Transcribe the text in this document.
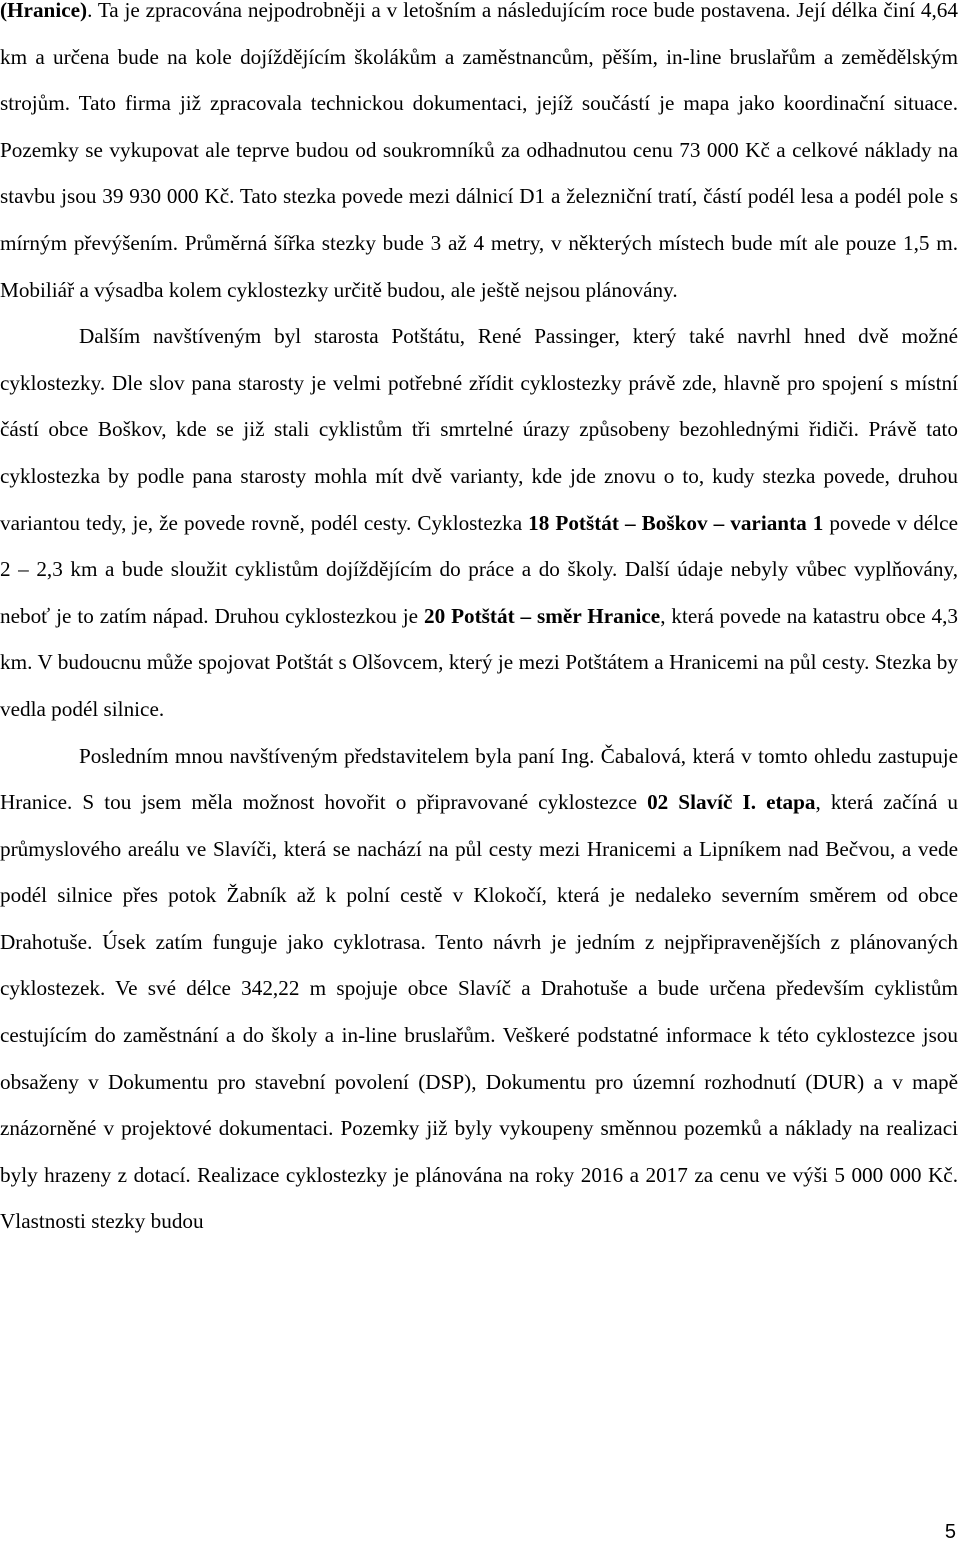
(Hranice). Ta je zpracována nejpodrobněji a v letošním a následujícím roce bude postavena. Její délka činí 4,64 km a určena bude na kole dojíždějícím školákům a zaměstnancům, pěším, in-line bruslařům a zemědělským strojům. Tato firma již zpracovala technickou dokumentaci, jejíž součástí je mapa jako koordinační situace. Pozemky se vykupovat ale teprve budou od soukromníků za odhadnutou cenu 73 000 Kč a celkové náklady na stavbu jsou 39 930 000 Kč. Tato stezka povede mezi dálnicí D1 a železniční tratí, částí podél lesa a podél pole s mírným převýšením. Průměrná šířka stezky bude 3 až 4 metry, v některých místech bude mít ale pouze 1,5 m. Mobiliář a výsadba kolem cyklostezky určitě budou, ale ještě nejsou plánovány.

Dalším navštíveným byl starosta Potštátu, René Passinger, který také navrhl hned dvě možné cyklostezky. Dle slov pana starosty je velmi potřebné zřídit cyklostezky právě zde, hlavně pro spojení s místní částí obce Boškov, kde se již stali cyklistům tři smrtelné úrazy způsobeny bezohlednými řidiči. Právě tato cyklostezka by podle pana starosty mohla mít dvě varianty, kde jde znovu o to, kudy stezka povede, druhou variantou tedy, je, že povede rovně, podél cesty. Cyklostezka 18 Potštát – Boškov – varianta 1 povede v délce 2 – 2,3 km a bude sloužit cyklistům dojíždějícím do práce a do školy. Další údaje nebyly vůbec vyplňovány, neboť je to zatím nápad. Druhou cyklostezkou je 20 Potštát – směr Hranice, která povede na katastru obce 4,3 km. V budoucnu může spojovat Potštát s Olšovcem, který je mezi Potštátem a Hranicemi na půl cesty. Stezka by vedla podél silnice.

Posledním mnou navštíveným představitelem byla paní Ing. Čabalová, která v tomto ohledu zastupuje Hranice. S tou jsem měla možnost hovořit o připravované cyklostezce 02 Slavíč I. etapa, která začíná u průmyslového areálu ve Slavíči, která se nachází na půl cesty mezi Hranicemi a Lipníkem nad Bečvou, a vede podél silnice přes potok Žabník až k polní cestě v Klokočí, která je nedaleko severním směrem od obce Drahotuše. Úsek zatím funguje jako cyklotrasa. Tento návrh je jedním z nejpřipravenějších z plánovaných cyklostezek. Ve své délce 342,22 m spojuje obce Slavíč a Drahotuše a bude určena především cyklistům cestujícím do zaměstnání a do školy a in-line bruslařům. Veškeré podstatné informace k této cyklostezce jsou obsaženy v Dokumentu pro stavební povolení (DSP), Dokumentu pro územní rozhodnutí (DUR) a v mapě znázorněné v projektové dokumentaci. Pozemky již byly vykoupeny směnnou pozemků a náklady na realizaci byly hrazeny z dotací. Realizace cyklostezky je plánována na roky 2016 a 2017 za cenu ve výši 5 000 000 Kč. Vlastnosti stezky budou

5
